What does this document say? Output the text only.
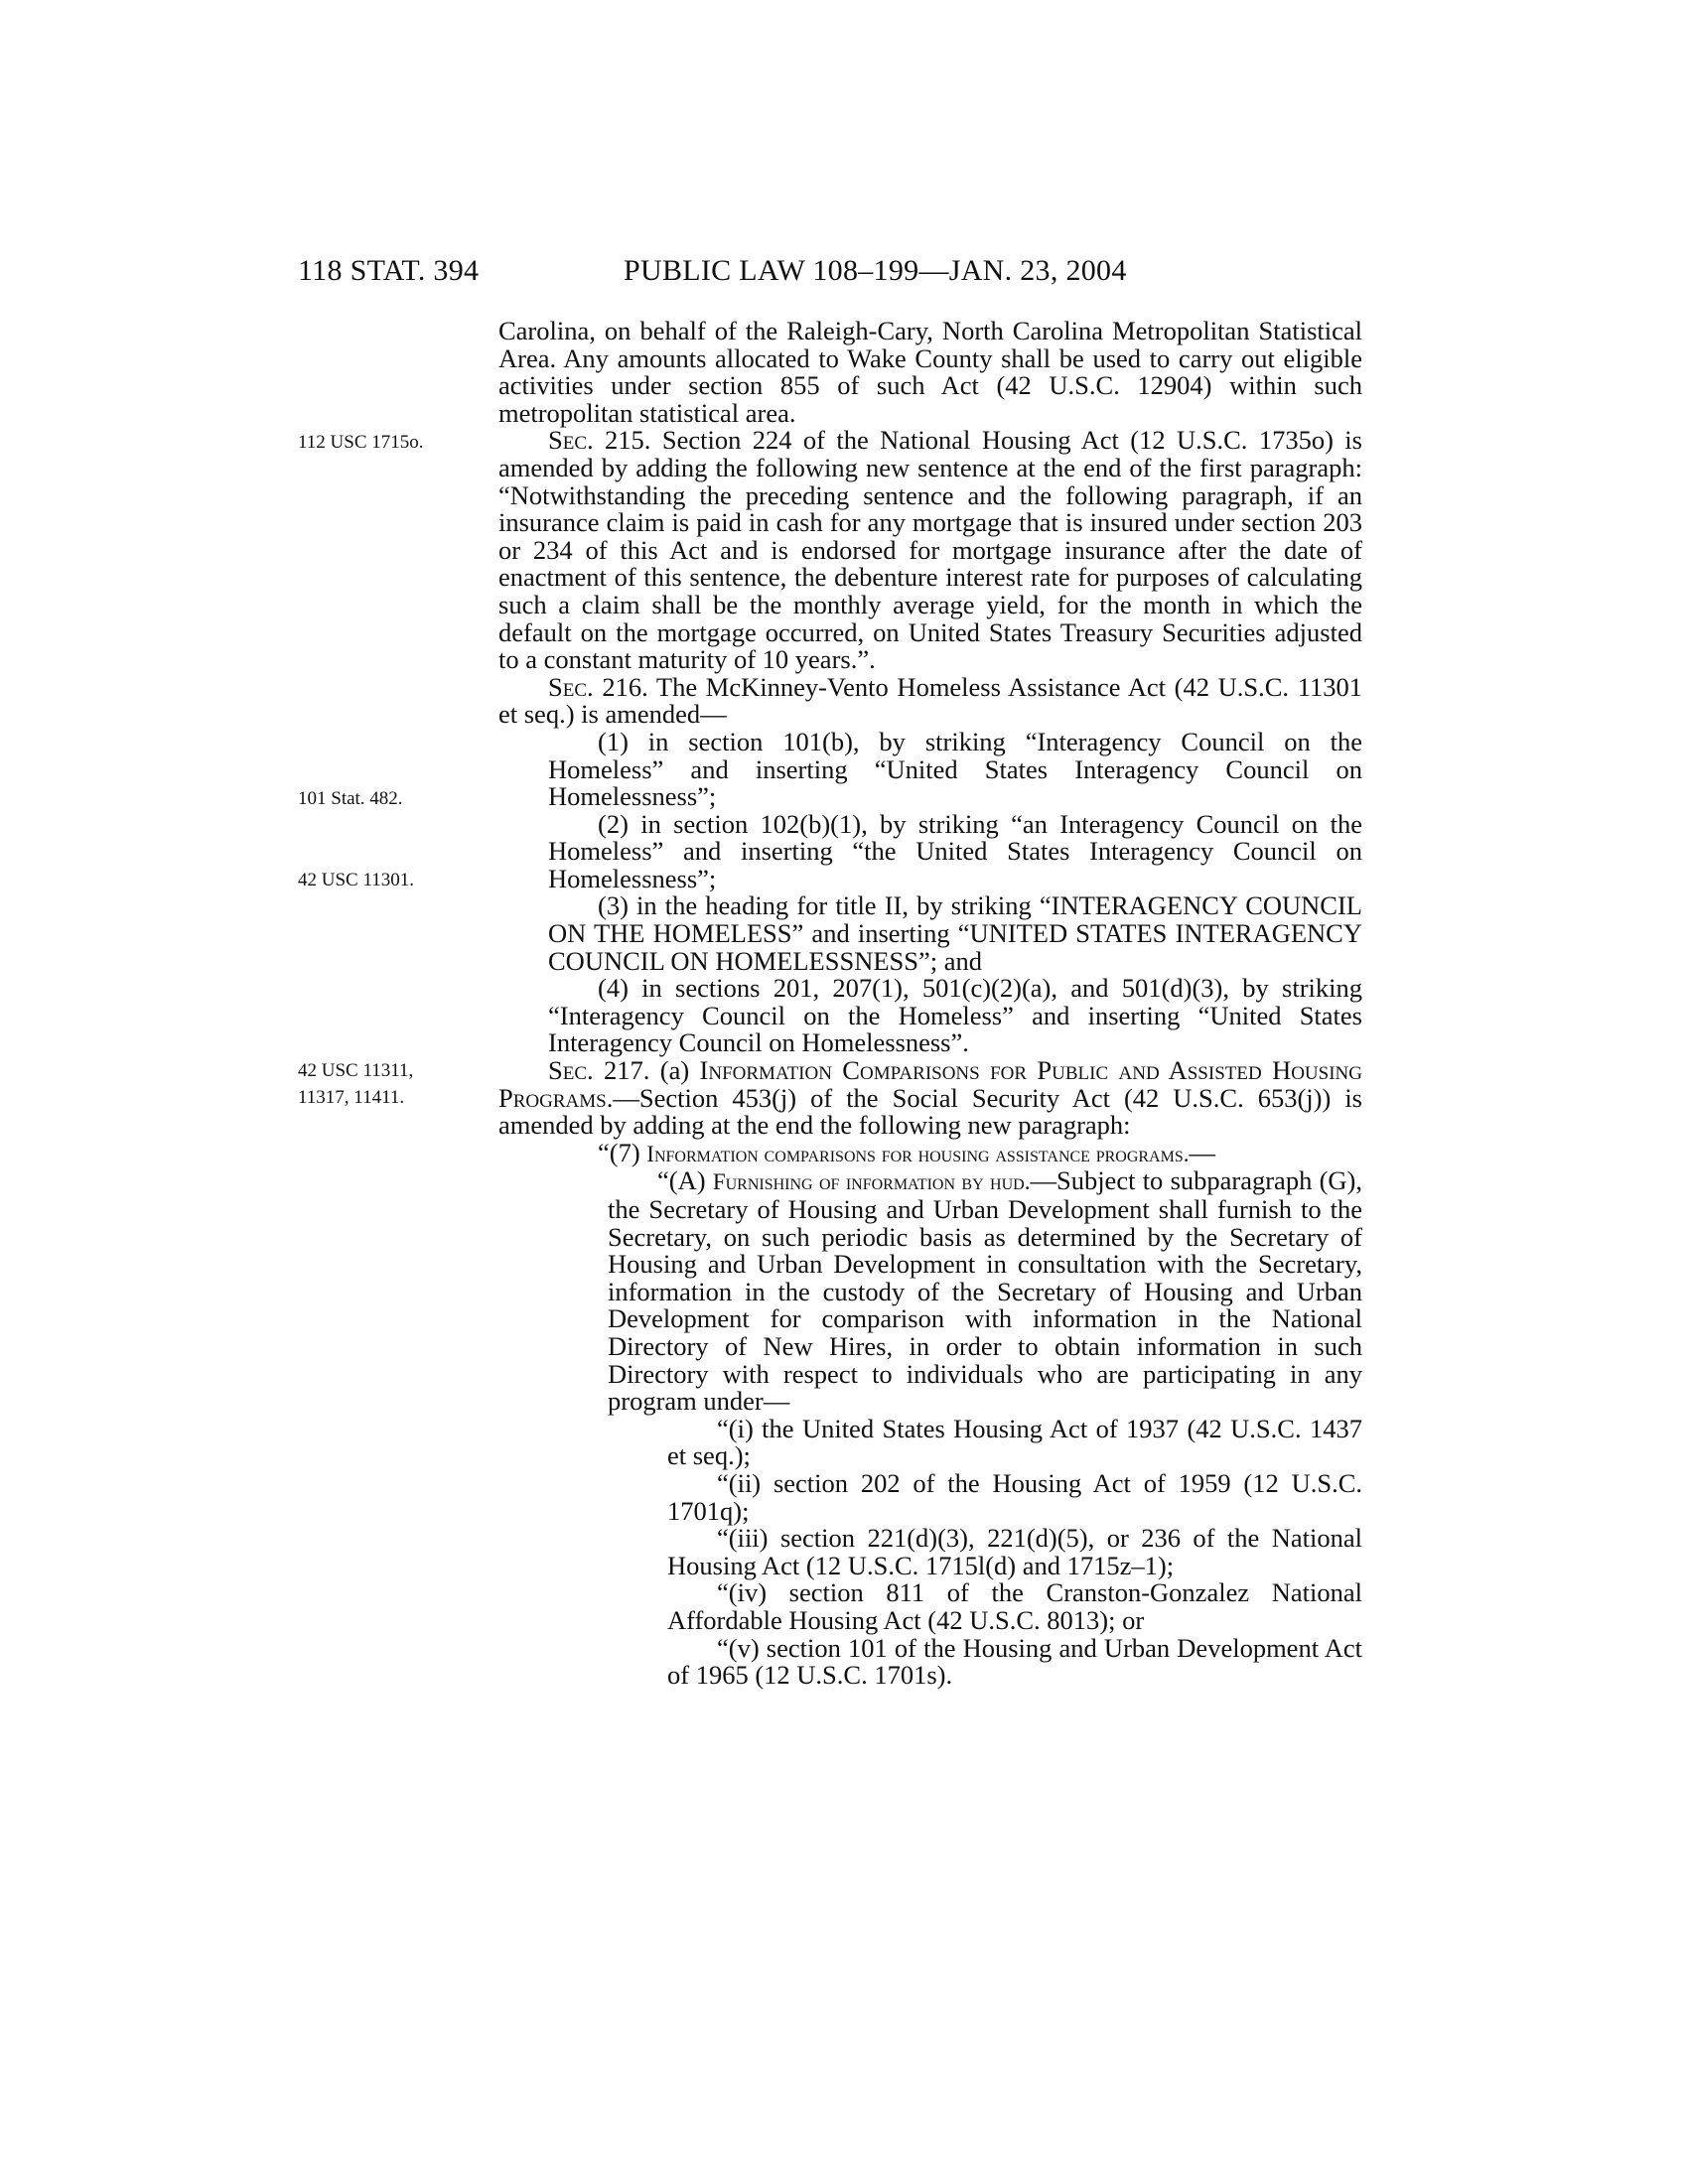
118 STAT. 394	PUBLIC LAW 108–199—JAN. 23, 2004
112 USC 1715o.
101 Stat. 482.
42 USC 11301.
42 USC 11311,
11317, 11411.

Carolina, on behalf of the Raleigh-Cary, North Carolina Metropolitan Statistical Area. Any amounts allocated to Wake County shall be used to carry out eligible activities under section 855 of such Act (42 U.S.C. 12904) within such metropolitan statistical area.

Sec. 215. Section 224 of the National Housing Act (12 U.S.C. 1735o) is amended by adding the following new sentence at the end of the first paragraph: “Notwithstanding the preceding sentence and the following paragraph, if an insurance claim is paid in cash for any mortgage that is insured under section 203 or 234 of this Act and is endorsed for mortgage insurance after the date of enactment of this sentence, the debenture interest rate for purposes of calculating such a claim shall be the monthly average yield, for the month in which the default on the mortgage occurred, on United States Treasury Securities adjusted to a constant maturity of 10 years.”.

Sec. 216. The McKinney-Vento Homeless Assistance Act (42 U.S.C. 11301 et seq.) is amended—

(1) in section 101(b), by striking “Interagency Council on the Homeless” and inserting “United States Interagency Council on Homelessness”;

(2) in section 102(b)(1), by striking “an Interagency Council on the Homeless” and inserting “the United States Interagency Council on Homelessness”;

(3) in the heading for title II, by striking “INTERAGENCY COUNCIL ON THE HOMELESS” and inserting “UNITED STATES INTERAGENCY COUNCIL ON HOMELESSNESS”; and

(4) in sections 201, 207(1), 501(c)(2)(a), and 501(d)(3), by striking “Interagency Council on the Homeless” and inserting “United States Interagency Council on Homelessness”.

Sec. 217. (a) Information Comparisons for Public and Assisted Housing Programs.—Section 453(j) of the Social Security Act (42 U.S.C. 653(j)) is amended by adding at the end the following new paragraph:

“(7) Information comparisons for housing assistance programs.—

“(A) Furnishing of information by hud.—Subject to subparagraph (G), the Secretary of Housing and Urban Development shall furnish to the Secretary, on such periodic basis as determined by the Secretary of Housing and Urban Development in consultation with the Secretary, information in the custody of the Secretary of Housing and Urban Development for comparison with information in the National Directory of New Hires, in order to obtain information in such Directory with respect to individuals who are participating in any program under—

“(i) the United States Housing Act of 1937 (42 U.S.C. 1437 et seq.);

“(ii) section 202 of the Housing Act of 1959 (12 U.S.C. 1701q);

“(iii) section 221(d)(3), 221(d)(5), or 236 of the National Housing Act (12 U.S.C. 1715l(d) and 1715z–1);

“(iv) section 811 of the Cranston-Gonzalez National Affordable Housing Act (42 U.S.C. 8013); or

“(v) section 101 of the Housing and Urban Development Act of 1965 (12 U.S.C. 1701s).
